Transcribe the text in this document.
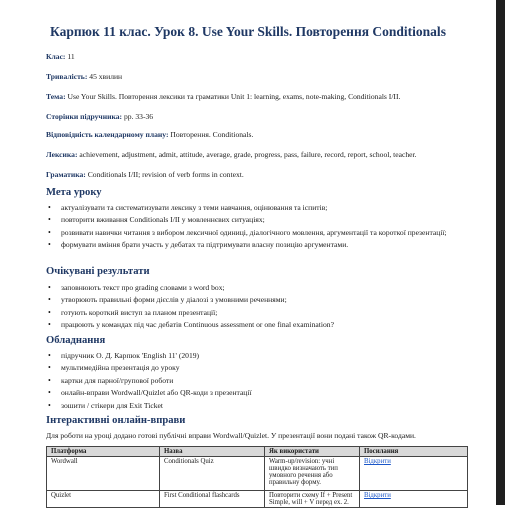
Карпюк 11 клас. Урок 8. Use Your Skills. Повторення Conditionals
Клас: 11
Тривалість: 45 хвилин
Тема: Use Your Skills. Повторення лексики та граматики Unit 1: learning, exams, note-making, Conditionals I/II.
Сторінки підручника: pp. 33-36
Відповідність календарному плану: Повторення. Conditionals.
Лексика: achievement, adjustment, admit, attitude, average, grade, progress, pass, failure, record, report, school, teacher.
Граматика: Conditionals I/II; revision of verb forms in context.
Мета уроку
• актуалізувати та систематизувати лексику з теми навчання, оцінювання та іспитів;
• повторити вживання Conditionals I/II у мовленнєвих ситуаціях;
• розвивати навички читання з вибором лексичної одиниці, діалогічного мовлення, аргументації та короткої презентації;
• формувати вміння брати участь у дебатах та підтримувати власну позицію аргументами.
Очікувані результати
• заповнюють текст про grading словами з word box;
• утворюють правильні форми дієслів у діалозі з умовними реченнями;
• готують короткий виступ за планом презентації;
• працюють у командах під час дебатів Continuous assessment or one final examination?
Обладнання
• підручник О. Д. Карпюк 'English 11' (2019)
• мультимедійна презентація до уроку
• картки для парної/групової роботи
• онлайн-вправи Wordwall/Quizlet або QR-коди з презентації
• зошити / стікери для Exit Ticket
Інтерактивні онлайн-вправи
Для роботи на уроці додано готові публічні вправи Wordwall/Quizlet. У презентації вони подані також QR-кодами.
Платформа	Назва	Як використати	Посилання
Wordwall	Conditionals Quiz	Warm-up/revision: учні швидко визначають тип умовного речення або правильну форму.	Відкрити
Quizlet	First Conditional flashcards	Повторити схему If + Present Simple, will + V перед ex. 2.	Відкрити
